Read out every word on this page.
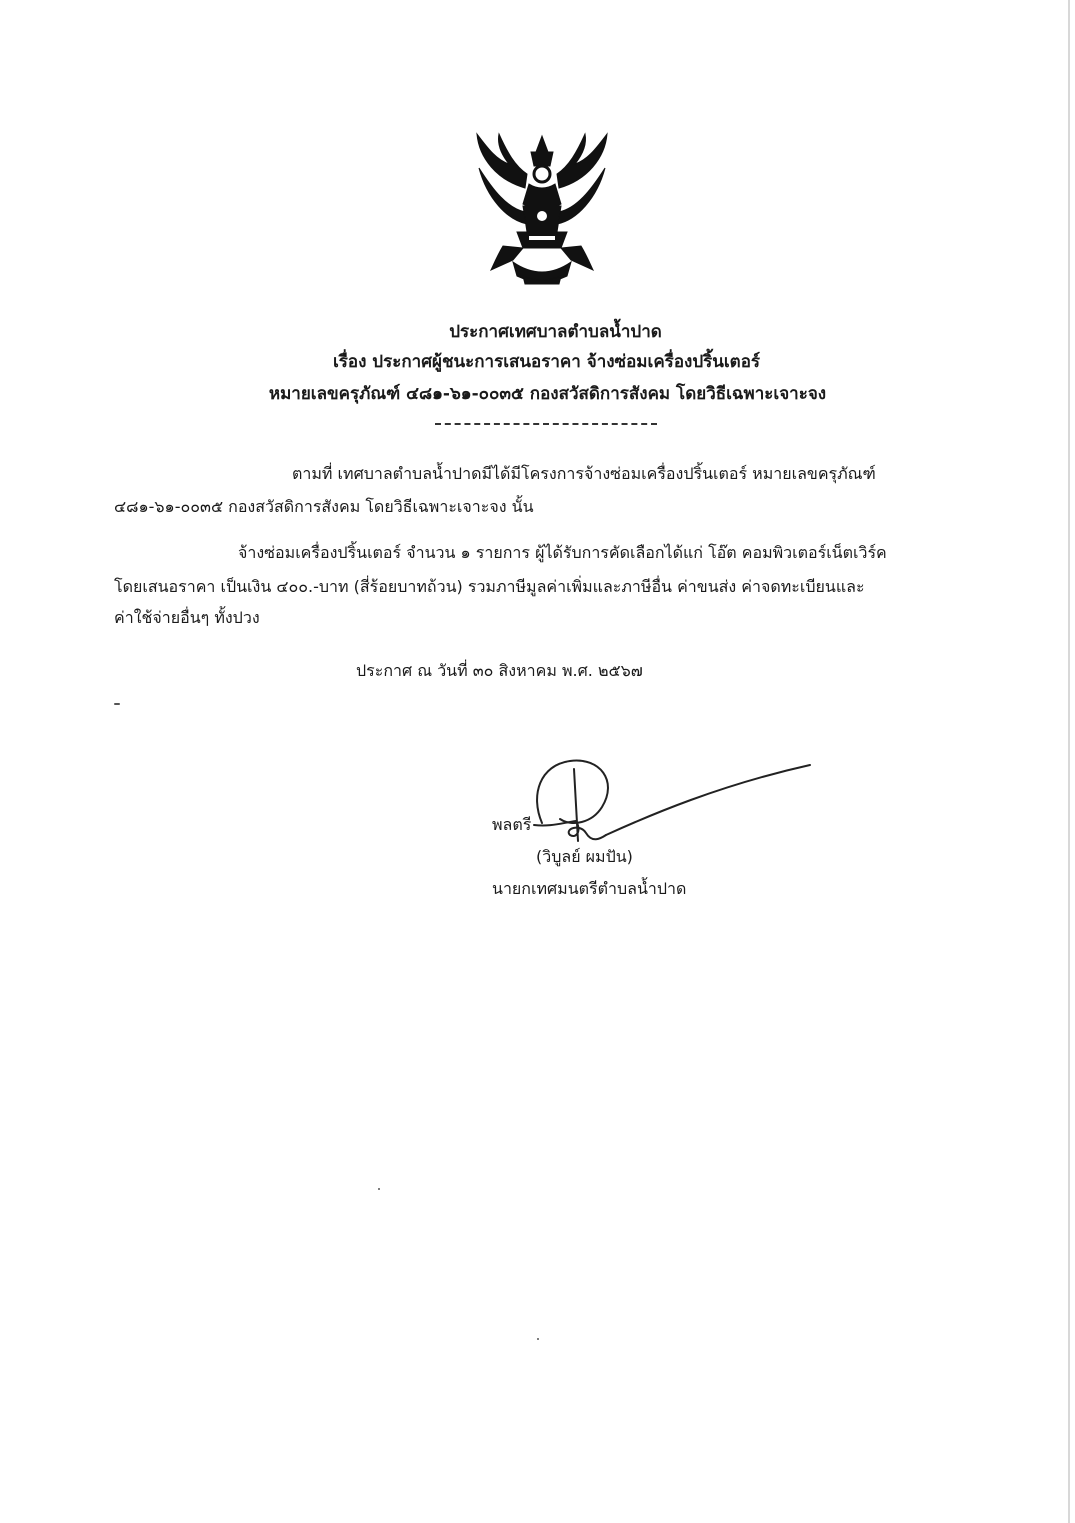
ประกาศเทศบาลตำบลน้ำปาด
เรื่อง ประกาศผู้ชนะการเสนอราคา จ้างซ่อมเครื่องปริ้นเตอร์
หมายเลขครุภัณฑ์ ๔๘๑-๖๑-๐๐๓๕ กองสวัสดิการสังคม โดยวิธีเฉพาะเจาะจง
ตามที่ เทศบาลตำบลน้ำปาดมีได้มีโครงการจ้างซ่อมเครื่องปริ้นเตอร์ หมายเลขครุภัณฑ์
๔๘๑-๖๑-๐๐๓๕ กองสวัสดิการสังคม โดยวิธีเฉพาะเจาะจง นั้น
จ้างซ่อมเครื่องปริ้นเตอร์ จำนวน ๑ รายการ ผู้ได้รับการคัดเลือกได้แก่ โอ๊ต คอมพิวเตอร์เน็ตเวิร์ค
โดยเสนอราคา เป็นเงิน ๔๐๐.-บาท (สี่ร้อยบาทถ้วน) รวมภาษีมูลค่าเพิ่มและภาษีอื่น ค่าขนส่ง ค่าจดทะเบียนและ
ค่าใช้จ่ายอื่นๆ ทั้งปวง
ประกาศ ณ วันที่ ๓๐ สิงหาคม พ.ศ. ๒๕๖๗
พลตรี
(วิบูลย์ ผมปัน)
นายกเทศมนตรีตำบลน้ำปาด
